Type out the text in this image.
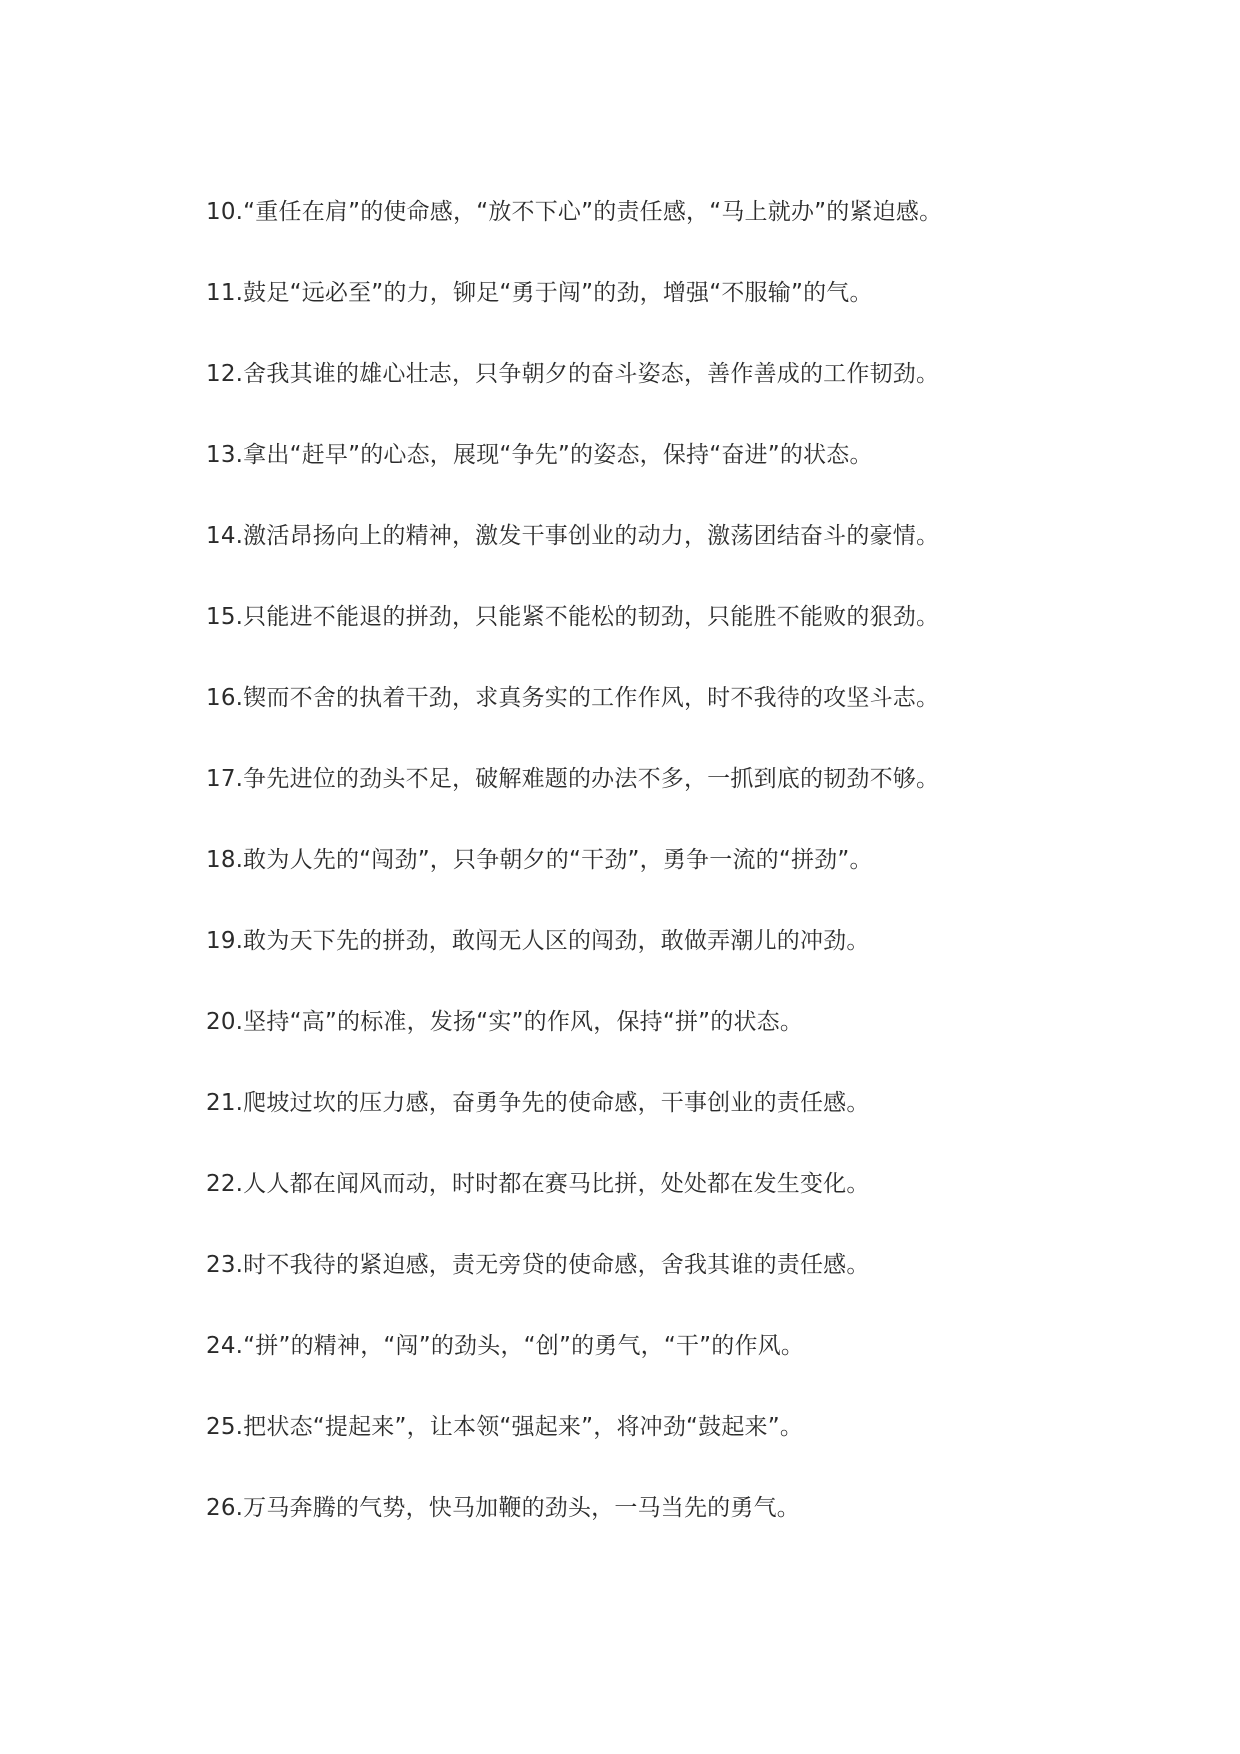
10.“重任在肩”的使命感，“放不下心”的责任感，“马上就办”的紧迫感。
11.鼓足“远必至”的力，铆足“勇于闯”的劲，增强“不服输”的气。
12.舍我其谁的雄心壮志，只争朝夕的奋斗姿态，善作善成的工作韧劲。
13.拿出“赶早”的心态，展现“争先”的姿态，保持“奋进”的状态。
14.激活昂扬向上的精神，激发干事创业的动力，激荡团结奋斗的豪情。
15.只能进不能退的拼劲，只能紧不能松的韧劲，只能胜不能败的狠劲。
16.锲而不舍的执着干劲，求真务实的工作作风，时不我待的攻坚斗志。
17.争先进位的劲头不足，破解难题的办法不多，一抓到底的韧劲不够。
18.敢为人先的“闯劲”，只争朝夕的“干劲”，勇争一流的“拼劲”。
19.敢为天下先的拼劲，敢闯无人区的闯劲，敢做弄潮儿的冲劲。
20.坚持“高”的标准，发扬“实”的作风，保持“拼”的状态。
21.爬坡过坎的压力感，奋勇争先的使命感，干事创业的责任感。
22.人人都在闻风而动，时时都在赛马比拼，处处都在发生变化。
23.时不我待的紧迫感，责无旁贷的使命感，舍我其谁的责任感。
24.“拼”的精神，“闯”的劲头，“创”的勇气，“干”的作风。
25.把状态“提起来”，让本领“强起来”，将冲劲“鼓起来”。
26.万马奔腾的气势，快马加鞭的劲头，一马当先的勇气。
